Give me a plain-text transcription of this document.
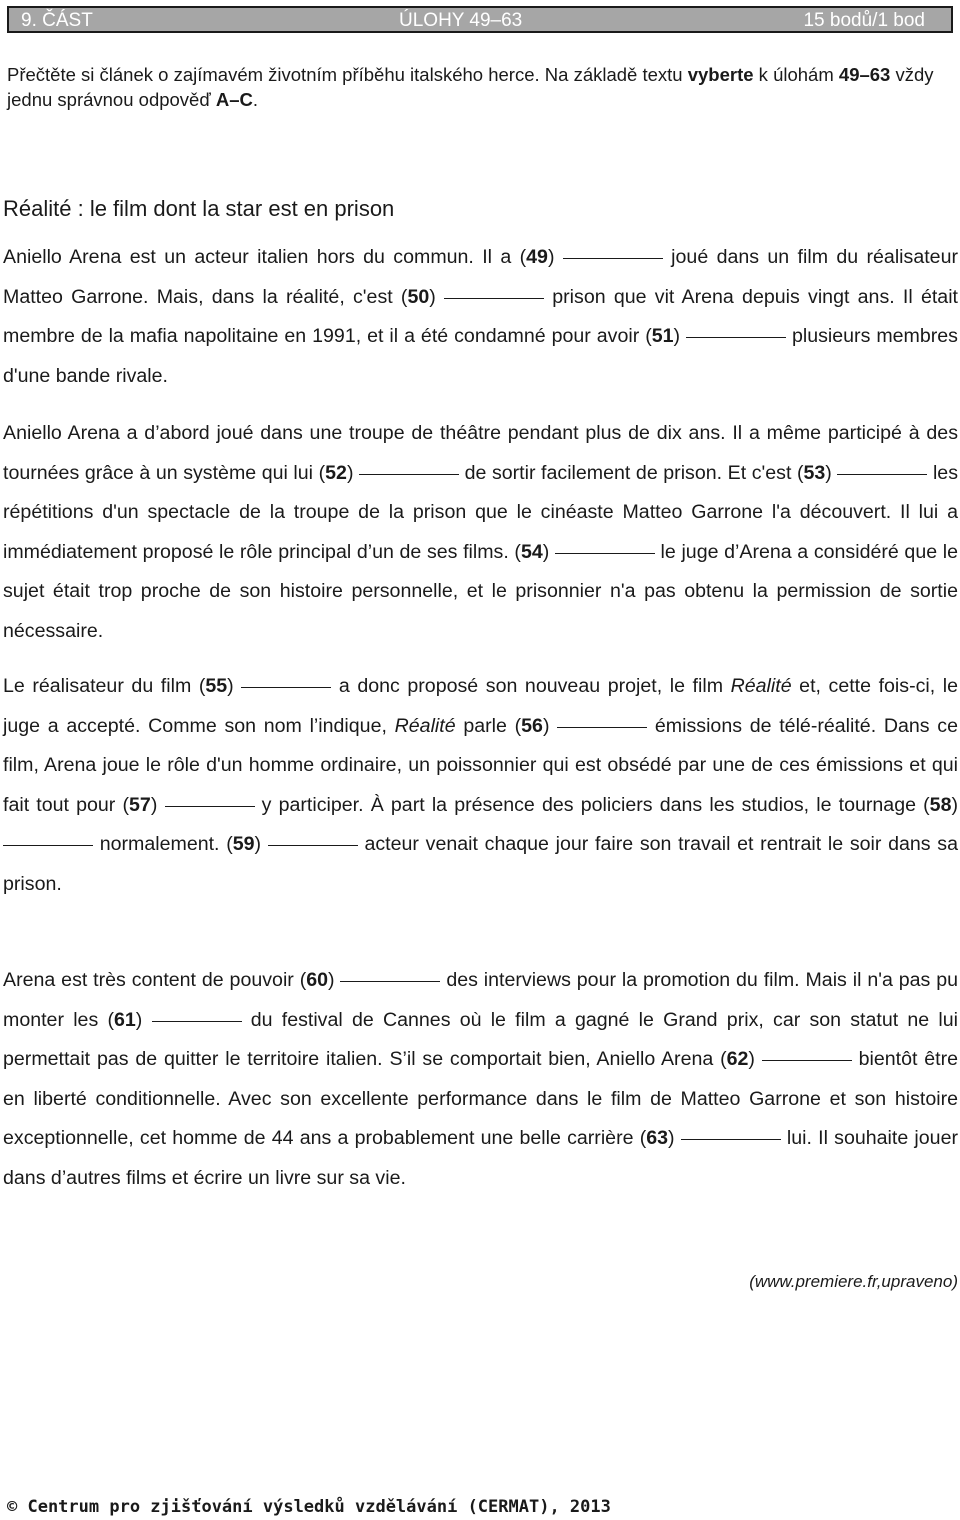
9. ČÁST	ÚLOHY 49–63	15 bodů/1 bod
Přečtěte si článek o zajímavém životním příběhu italského herce. Na základě textu vyberte k úlohám 49–63 vždy jednu správnou odpověď A–C.
Réalité : le film dont la star est en prison
Aniello Arena est un acteur italien hors du commun. Il a (49)	joué dans un film du réalisateur Matteo Garrone. Mais, dans la réalité, c'est (50)	prison que vit Arena depuis vingt ans. Il était membre de la mafia napolitaine en 1991, et il a été condamné pour avoir (51)	plusieurs membres d'une bande rivale.
Aniello Arena a d’abord joué dans une troupe de théâtre pendant plus de dix ans. Il a même participé à des tournées grâce à un système qui lui (52)	de sortir facilement de prison. Et c'est (53)	les répétitions d'un spectacle de la troupe de la prison que le cinéaste Matteo Garrone l'a découvert. Il lui a immédiatement proposé le rôle principal d’un de ses films. (54)	le juge d’Arena a considéré que le sujet était trop proche de son histoire personnelle, et le prisonnier n'a pas obtenu la permission de sortie nécessaire.
Le réalisateur du film (55)	a donc proposé son nouveau projet, le film Réalité et, cette fois-ci, le juge a accepté. Comme son nom l’indique, Réalité parle (56)	émissions de télé-réalité. Dans ce film, Arena joue le rôle d'un homme ordinaire, un poissonnier qui est obsédé par une de ces émissions et qui fait tout pour (57)	y participer. À part la présence des policiers dans les studios, le tournage (58)  normalement. (59)	acteur venait chaque jour faire son travail et rentrait le soir dans sa prison.
Arena est très content de pouvoir (60)	des interviews pour la promotion du film. Mais il n'a pas pu monter les (61)	du festival de Cannes où le film a gagné le Grand prix, car son statut ne lui permettait pas de quitter le territoire italien. S’il se comportait bien, Aniello Arena (62)	bientôt être en liberté conditionnelle. Avec son excellente performance dans le film de Matteo Garrone et son histoire exceptionnelle, cet homme de 44 ans a probablement une belle carrière (63)	lui. Il souhaite jouer dans d’autres films et écrire un livre sur sa vie.
(www.premiere.fr,upraveno)
© Centrum pro zjišťování výsledků vzdělávání (CERMAT), 2013
